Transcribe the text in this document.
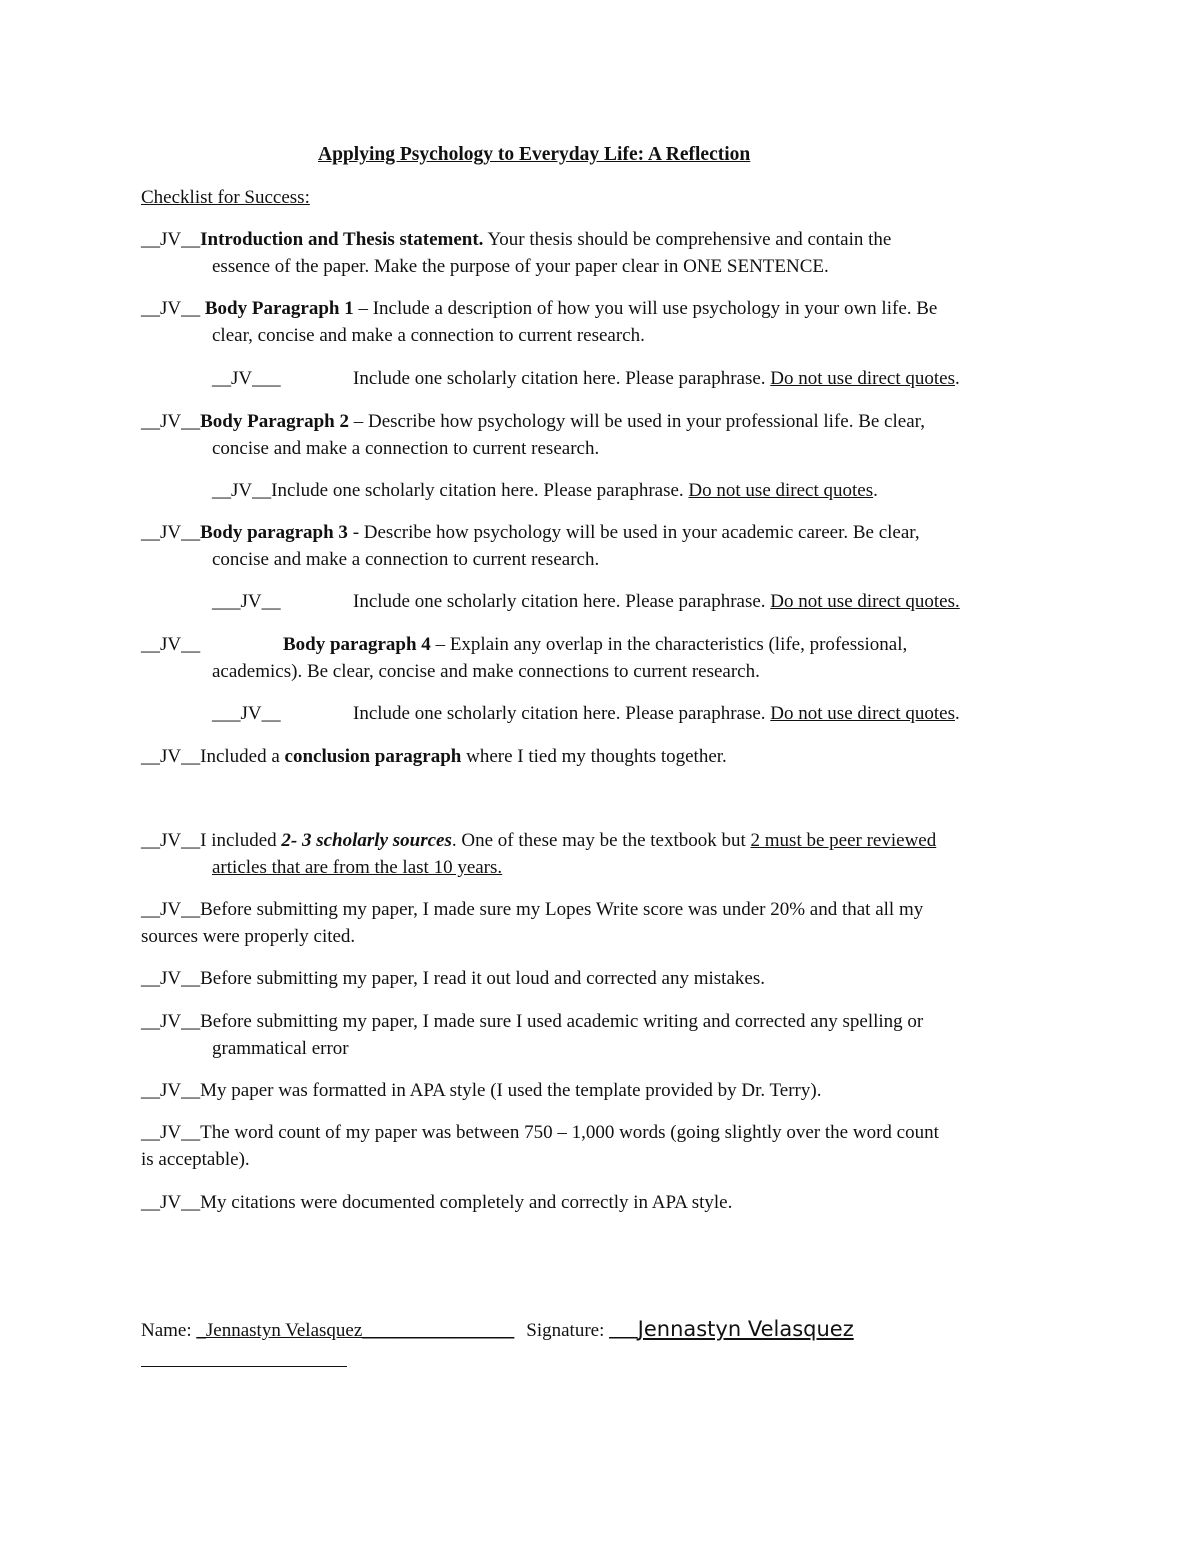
Applying Psychology to Everyday Life: A Reflection
Checklist for Success:
__JV__Introduction and Thesis statement. Your thesis should be comprehensive and contain the
essence of the paper. Make the purpose of your paper clear in ONE SENTENCE.
__JV__ Body Paragraph 1 – Include a description of how you will use psychology in your own life. Be
clear, concise and make a connection to current research.
__JV___	Include one scholarly citation here. Please paraphrase. Do not use direct quotes.
__JV__Body Paragraph 2 – Describe how psychology will be used in your professional life. Be clear,
concise and make a connection to current research.
__JV__Include one scholarly citation here. Please paraphrase. Do not use direct quotes.
__JV__Body paragraph 3 - Describe how psychology will be used in your academic career. Be clear,
concise and make a connection to current research.
___JV__	Include one scholarly citation here. Please paraphrase. Do not use direct quotes.
__JV__	Body paragraph 4 – Explain any overlap in the characteristics (life, professional,
academics). Be clear, concise and make connections to current research.
___JV__	Include one scholarly citation here. Please paraphrase. Do not use direct quotes.
__JV__Included a conclusion paragraph where I tied my thoughts together.
__JV__I included 2- 3 scholarly sources. One of these may be the textbook but 2 must be peer reviewed
articles that are from the last 10 years.
__JV__Before submitting my paper, I made sure my Lopes Write score was under 20% and that all my
sources were properly cited.
__JV__Before submitting my paper, I read it out loud and corrected any mistakes.
__JV__Before submitting my paper, I made sure I used academic writing and corrected any spelling or
grammatical error
__JV__My paper was formatted in APA style (I used the template provided by Dr. Terry).
__JV__The word count of my paper was between 750 – 1,000 words (going slightly over the word count
is acceptable).
__JV__My citations were documented completely and correctly in APA style.
Name: _Jennastyn Velasquez________________ Signature: ___Jennastyn Velasquez
